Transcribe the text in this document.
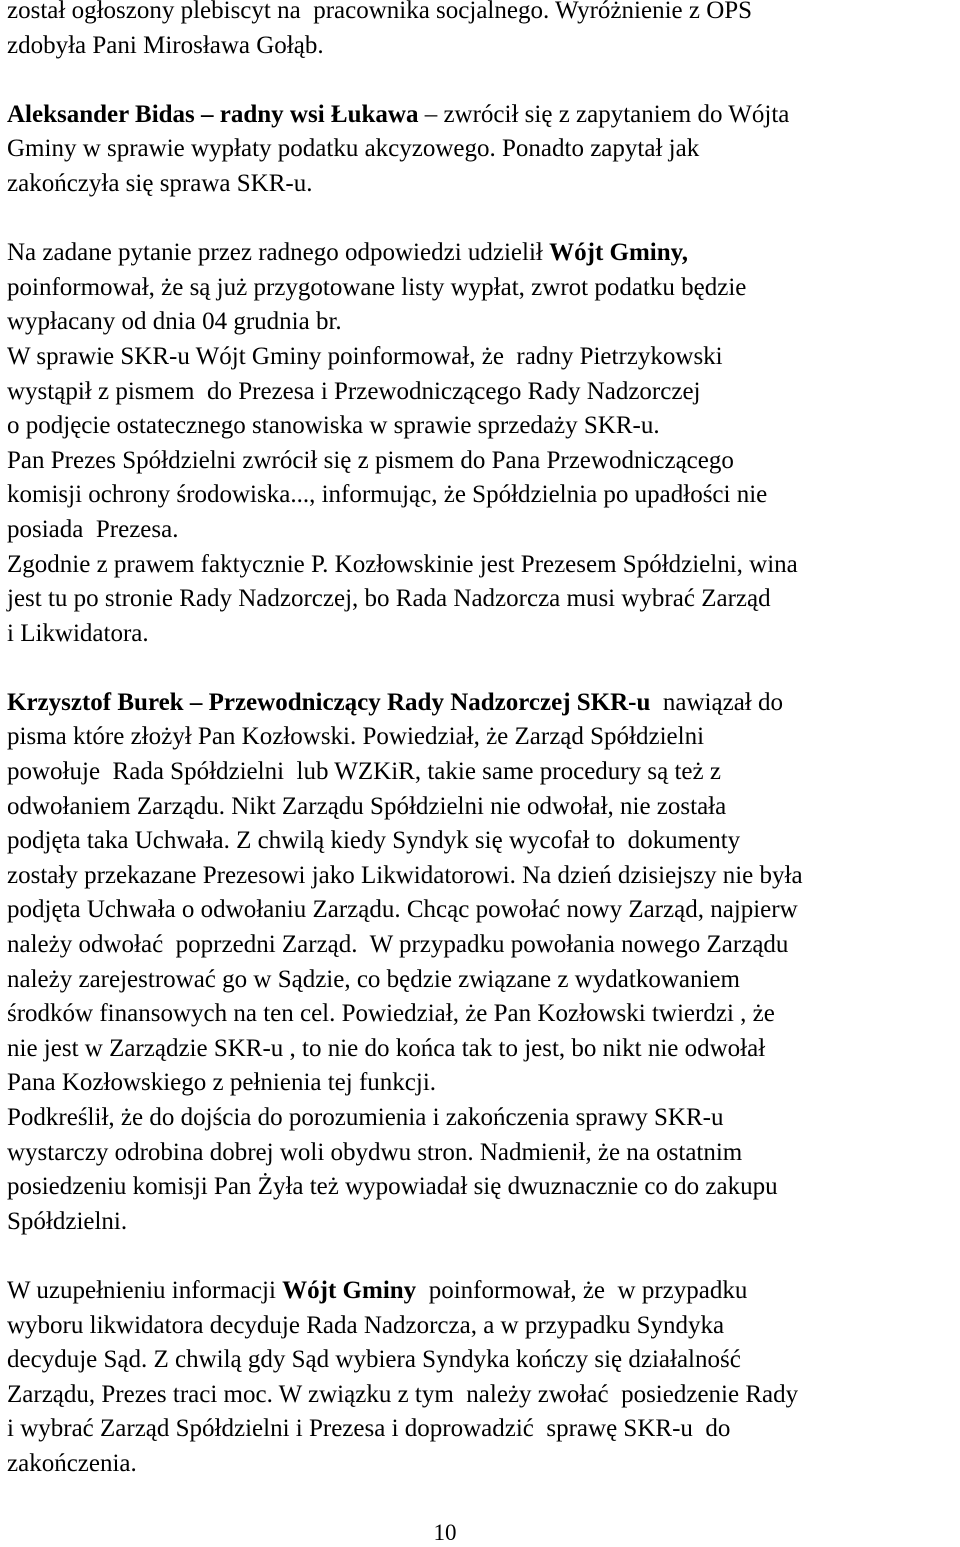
został ogłoszony plebiscyt na  pracownika socjalnego. Wyróżnienie z OPS
zdobyła Pani Mirosława Gołąb.
Aleksander Bidas – radny wsi Łukawa – zwrócił się z zapytaniem do Wójta
Gminy w sprawie wypłaty podatku akcyzowego. Ponadto zapytał jak
zakończyła się sprawa SKR-u.
Na zadane pytanie przez radnego odpowiedzi udzielił Wójt Gminy,
poinformował, że są już przygotowane listy wypłat, zwrot podatku będzie
wypłacany od dnia 04 grudnia br.
W sprawie SKR-u Wójt Gminy poinformował, że  radny Pietrzykowski
wystąpił z pismem  do Prezesa i Przewodniczącego Rady Nadzorczej
o podjęcie ostatecznego stanowiska w sprawie sprzedaży SKR-u.
Pan Prezes Spółdzielni zwrócił się z pismem do Pana Przewodniczącego
komisji ochrony środowiska..., informując, że Spółdzielnia po upadłości nie
posiada  Prezesa.
Zgodnie z prawem faktycznie P. Kozłowskinie jest Prezesem Spółdzielni, wina
jest tu po stronie Rady Nadzorczej, bo Rada Nadzorcza musi wybrać Zarząd
i Likwidatora.
Krzysztof Burek – Przewodniczący Rady Nadzorczej SKR-u  nawiązał do
pisma które złożył Pan Kozłowski. Powiedział, że Zarząd Spółdzielni
powołuje  Rada Spółdzielni  lub WZKiR, takie same procedury są też z
odwołaniem Zarządu. Nikt Zarządu Spółdzielni nie odwołał, nie została
podjęta taka Uchwała. Z chwilą kiedy Syndyk się wycofał to  dokumenty
zostały przekazane Prezesowi jako Likwidatorowi. Na dzień dzisiejszy nie była
podjęta Uchwała o odwołaniu Zarządu. Chcąc powołać nowy Zarząd, najpierw
należy odwołać  poprzedni Zarząd.  W przypadku powołania nowego Zarządu
należy zarejestrować go w Sądzie, co będzie związane z wydatkowaniem
środków finansowych na ten cel. Powiedział, że Pan Kozłowski twierdzi , że
nie jest w Zarządzie SKR-u , to nie do końca tak to jest, bo nikt nie odwołał
Pana Kozłowskiego z pełnienia tej funkcji.
Podkreślił, że do dojścia do porozumienia i zakończenia sprawy SKR-u
wystarczy odrobina dobrej woli obydwu stron. Nadmienił, że na ostatnim
posiedzeniu komisji Pan Żyła też wypowiadał się dwuznacznie co do zakupu
Spółdzielni.
W uzupełnieniu informacji Wójt Gminy  poinformował, że  w przypadku
wyboru likwidatora decyduje Rada Nadzorcza, a w przypadku Syndyka
decyduje Sąd. Z chwilą gdy Sąd wybiera Syndyka kończy się działalność
Zarządu, Prezes traci moc. W związku z tym  należy zwołać  posiedzenie Rady
i wybrać Zarząd Spółdzielni i Prezesa i doprowadzić  sprawę SKR-u  do
zakończenia.
10
